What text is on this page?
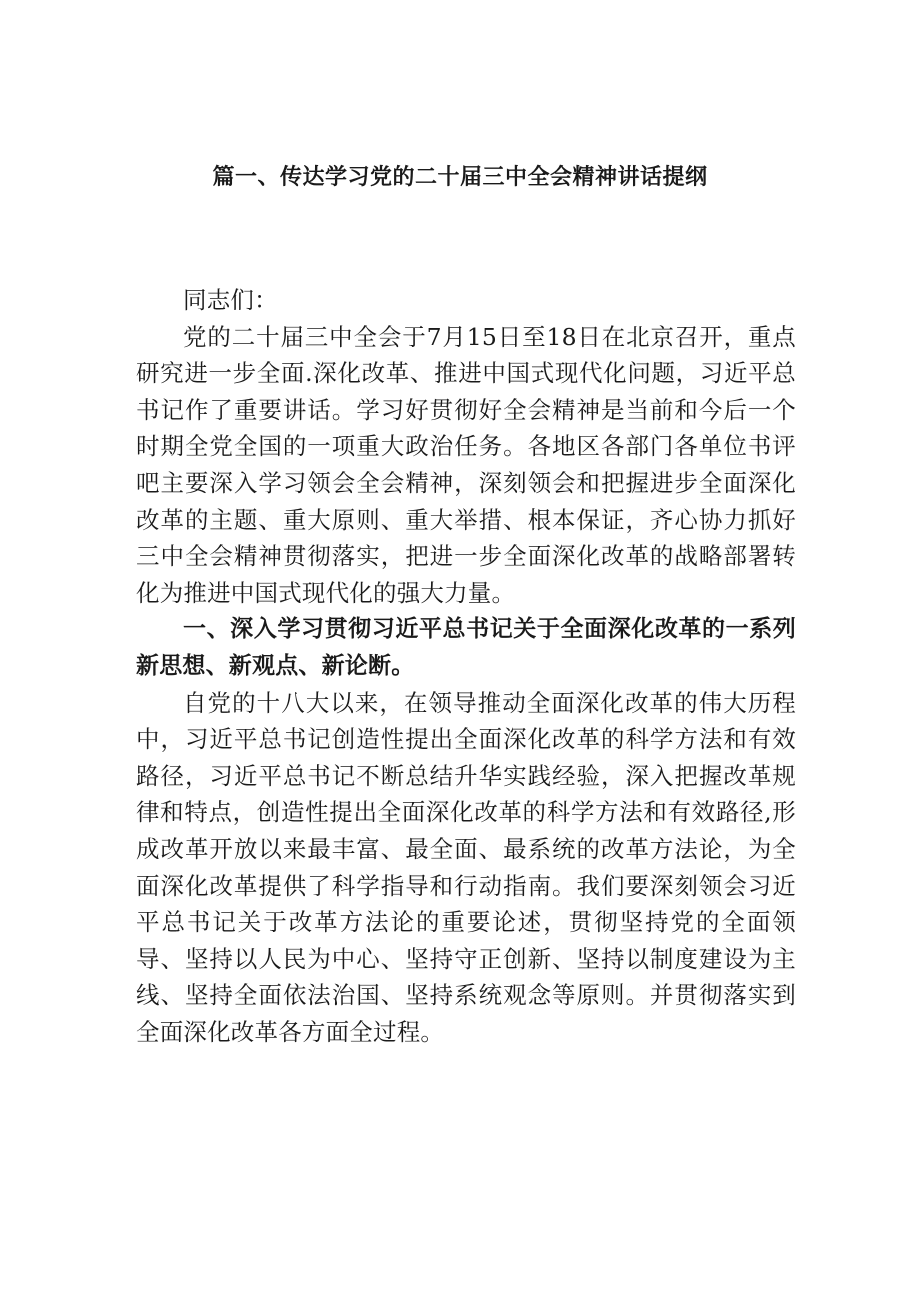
篇一、传达学习党的二十届三中全会精神讲话提纲

同志们：

党的二十届三中全会于7月15日至18日在北京召开，重点研究进一步全面.深化改革、推进中国式现代化问题，习近平总书记作了重要讲话。学习好贯彻好全会精神是当前和今后一个时期全党全国的一项重大政治任务。各地区各部门各单位书评吧主要深入学习领会全会精神，深刻领会和把握进步全面深化改革的主题、重大原则、重大举措、根本保证，齐心协力抓好三中全会精神贯彻落实，把进一步全面深化改革的战略部署转化为推进中国式现代化的强大力量。

一、深入学习贯彻习近平总书记关于全面深化改革的一系列新思想、新观点、新论断。

自党的十八大以来，在领导推动全面深化改革的伟大历程中，习近平总书记创造性提出全面深化改革的科学方法和有效路径，习近平总书记不断总结升华实践经验，深入把握改革规律和特点，创造性提出全面深化改革的科学方法和有效路径,形成改革开放以来最丰富、最全面、最系统的改革方法论，为全面深化改革提供了科学指导和行动指南。我们要深刻领会习近平总书记关于改革方法论的重要论述，贯彻坚持党的全面领导、坚持以人民为中心、坚持守正创新、坚持以制度建设为主线、坚持全面依法治国、坚持系统观念等原则。并贯彻落实到全面深化改革各方面全过程。
